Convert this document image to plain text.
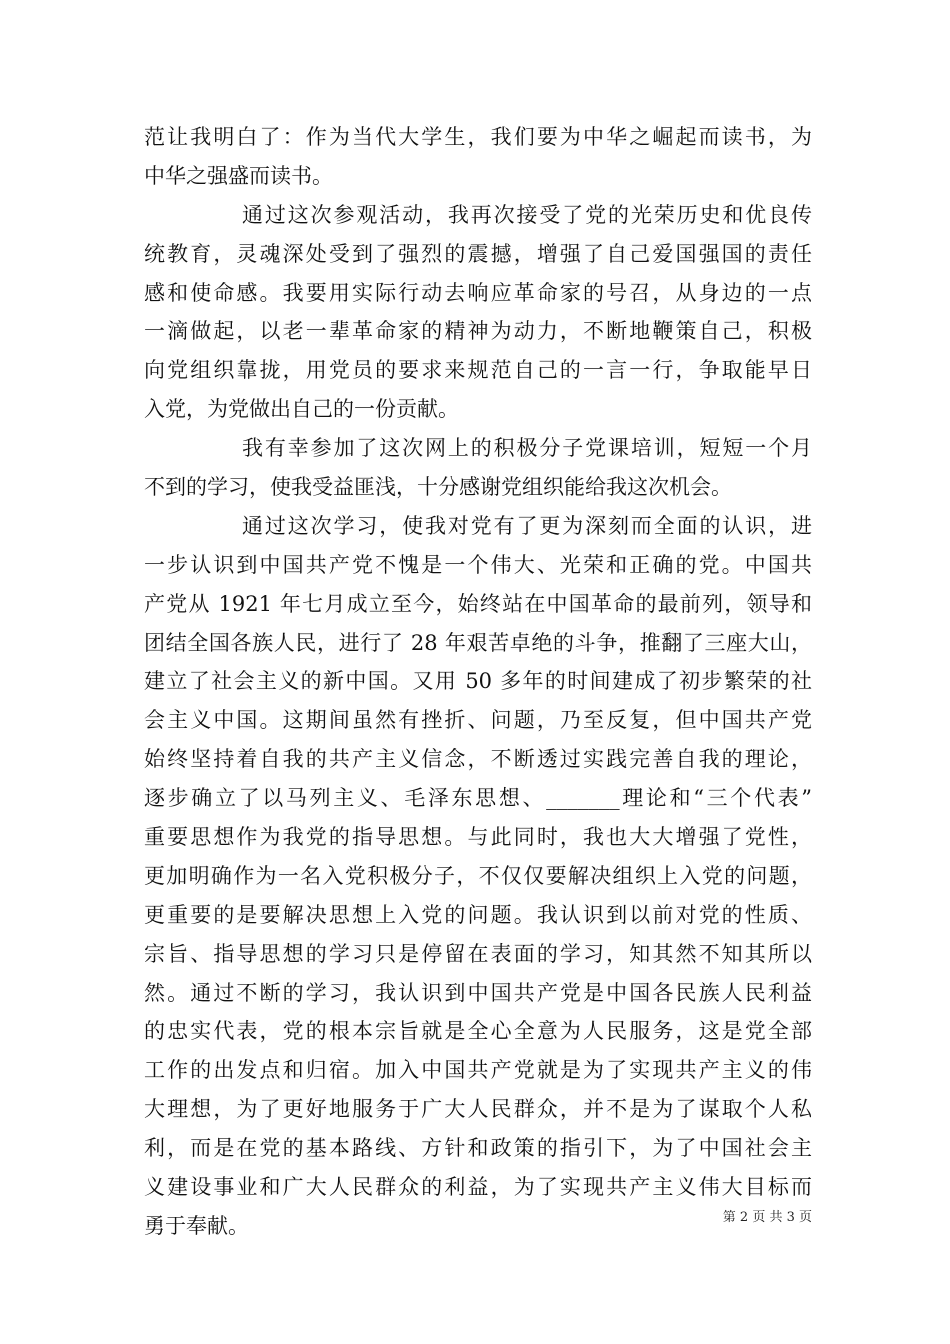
范让我明白了：作为当代大学生，我们要为中华之崛起而读书，为
中华之强盛而读书。
通过这次参观活动，我再次接受了党的光荣历史和优良传
统教育，灵魂深处受到了强烈的震撼，增强了自己爱国强国的责任
感和使命感。我要用实际行动去响应革命家的号召，从身边的一点
一滴做起，以老一辈革命家的精神为动力，不断地鞭策自己，积极
向党组织靠拢，用党员的要求来规范自己的一言一行，争取能早日
入党，为党做出自己的一份贡献。
我有幸参加了这次网上的积极分子党课培训，短短一个月
不到的学习，使我受益匪浅，十分感谢党组织能给我这次机会。
通过这次学习，使我对党有了更为深刻而全面的认识，进
一步认识到中国共产党不愧是一个伟大、光荣和正确的党。中国共
产党从 1921 年七月成立至今，始终站在中国革命的最前列，领导和
团结全国各族人民，进行了 28 年艰苦卓绝的斗争，推翻了三座大山，
建立了社会主义的新中国。又用 50 多年的时间建成了初步繁荣的社
会主义中国。这期间虽然有挫折、问题，乃至反复，但中国共产党
始终坚持着自我的共产主义信念，不断透过实践完善自我的理论，
逐步确立了以马列主义、毛泽东思想、_______理论和“三个代表”
重要思想作为我党的指导思想。与此同时，我也大大增强了党性，
更加明确作为一名入党积极分子，不仅仅要解决组织上入党的问题，
更重要的是要解决思想上入党的问题。我认识到以前对党的性质、
宗旨、指导思想的学习只是停留在表面的学习，知其然不知其所以
然。通过不断的学习，我认识到中国共产党是中国各民族人民利益
的忠实代表，党的根本宗旨就是全心全意为人民服务，这是党全部
工作的出发点和归宿。加入中国共产党就是为了实现共产主义的伟
大理想，为了更好地服务于广大人民群众，并不是为了谋取个人私
利，而是在党的基本路线、方针和政策的指引下，为了中国社会主
义建设事业和广大人民群众的利益，为了实现共产主义伟大目标而
勇于奉献。	第 2 页 共 3 页
